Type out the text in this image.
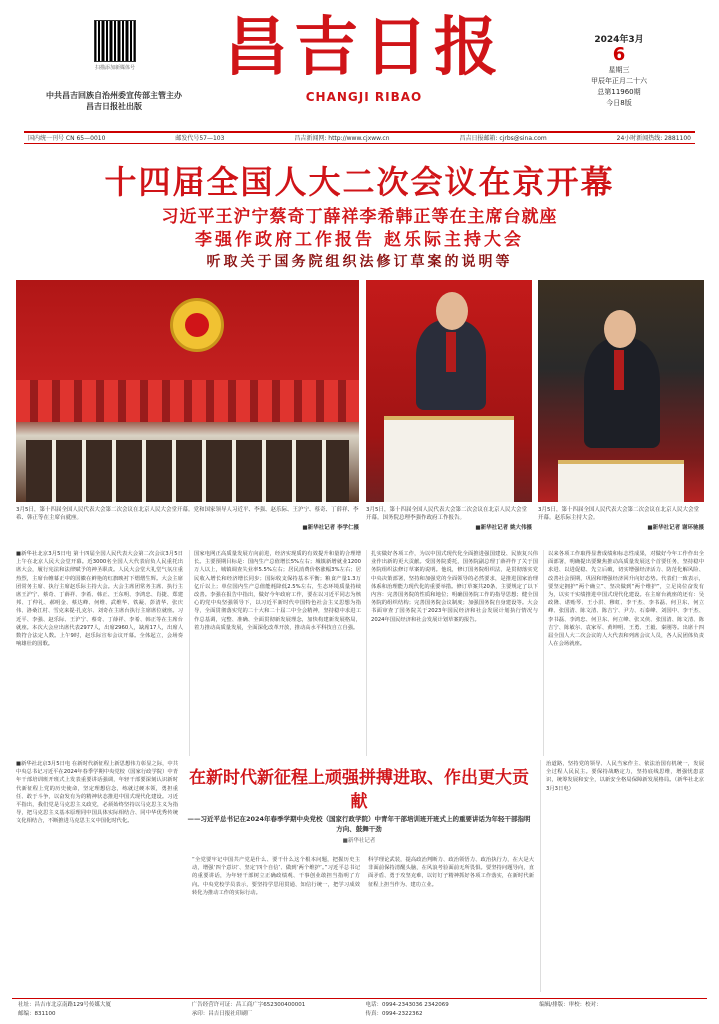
扫描添加新媒体号
中共昌吉回族自治州委宣传部主管主办
昌吉日报社出版
昌吉日报
CHANGJI RIBAO
2024年3月
6
星期三
甲辰年正月二十六
总第11960期
今日8版
国内统一刊号 CN 65—0010	邮发代号57—103	昌吉新闻网: http://www.cjxww.cn	昌吉日报邮箱: cjrbs@sina.com	24小时新闻热线: 2881100
十四届全国人大二次会议在京开幕
习近平王沪宁蔡奇丁薛祥李希韩正等在主席台就座
李强作政府工作报告 赵乐际主持大会
听取关于国务院组织法修订草案的说明等
3月5日，第十四届全国人民代表大会第二次会议在北京人民大会堂开幕。党和国家领导人习近平、李强、赵乐际、王沪宁、蔡奇、丁薛祥、李希、韩正等在主席台就座。
■新华社记者 李学仁摄
3月5日，第十四届全国人民代表大会第二次会议在北京人民大会堂开幕。国务院总理李强作政府工作报告。
■新华社记者 姚大伟摄
3月5日，第十四届全国人民代表大会第二次会议在北京人民大会堂开幕。赵乐际主持大会。
■新华社记者 谢环驰摄
■新华社北京3月5日电 第十四届全国人民代表大会第二次会议3月5日上午在北京人民大会堂开幕。近3000名全国人大代表肩负人民重托出席大会，履行宪法和法律赋予的神圣职责。人民大会堂大礼堂气氛庄重热烈，主席台帷幕正中的国徽在鲜艳的红旗映衬下熠熠生辉。大会主席团常务主席、执行主席赵乐际主持大会。大会主席团常务主席、执行主席王沪宁、蔡奇、丁薛祥、李希、韩正、王东明、李鸿忠、肖捷、郑建邦、丁仲礼、郝明金、蔡达峰、何维、武维华、铁凝、彭清华、张庆伟、洛桑江村、雪克来提·扎克尔、刘奇在主席台执行主席席位就座。习近平、李强、赵乐际、王沪宁、蔡奇、丁薛祥、李希、韩正等在主席台就座。本次大会应出席代表2977人，出席2960人，缺席17人，出席人数符合法定人数。上午9时，赵乐际宣布会议开幕。全体起立，会场奏响雄壮的国歌。
国家电网正高质量发展方向前进，经济实现质的有效提升和量的合理增长。主要预期目标是：国内生产总值增长5%左右；城镇新增就业1200万人以上，城镇调查失业率5.5%左右；居民消费价格涨幅3%左右；居民收入增长和经济增长同步；国际收支保持基本平衡；粮食产量1.3万亿斤以上；单位国内生产总值能耗降低2.5%左右，生态环境质量持续改善。李强在报告中指出，做好今年政府工作，要在以习近平同志为核心的党中央坚强领导下，以习近平新时代中国特色社会主义思想为指导，全面贯彻落实党的二十大和二十届二中全会精神，坚持稳中求进工作总基调，完整、准确、全面贯彻新发展理念，加快构建新发展格局，着力推动高质量发展，全面深化改革开放，推动高水平科技自立自强。
扎实做好各项工作，为以中国式现代化全面推进强国建设、民族复兴伟业作出新的更大贡献。受国务院委托，国务院副总理丁薛祥作了关于国务院组织法修订草案的说明。他说，修订国务院组织法，是贯彻落实党中央决策部署，坚持和加强党的全面领导的必然要求，是推进国家治理体系和治理能力现代化的重要举措。修订草案共20条，主要规定了以下内容：完善国务院的性质和地位；明确国务院工作的指导思想；健全国务院的组织结构；完善国务院会议制度；加强国务院自身建设等。大会书面审查了国务院关于2023年国民经济和社会发展计划执行情况与2024年国民经济和社会发展计划草案的报告。
以来各项工作取得显著成绩和标志性成果，对做好今年工作作出全面部署，明确提出要聚焦推动高质量发展这个首要任务，坚持稳中求进、以进促稳、先立后破，切实增强经济活力、防范化解风险、改善社会预期，巩固和增强经济回升向好态势。代表们一致表示，要坚定拥护“两个确立”、坚决做到“两个维护”，立足岗位奋发有为，以实干实绩推进中国式现代化建设。在主席台就座的还有：吴政隆、谌贻琴、王小洪、穆虹、李干杰、李书磊、何卫东、何立峰、张国清、陈文清、陈吉宁、尹力、石泰峰、刘国中、李干杰、李书磊、李鸿忠、何卫东、何立峰、张又侠、张国清、陈文清、陈吉宁、陈敏尔、袁家军、黄坤明、王勇、王毅、秦刚等。出席十四届全国人大二次会议的人大代表和列席会议人员，各人民团体负责人在会场就座。
■新华社北京3月5日电 在新时代新征程上新思想伟力彰显之际，中共中央总书记习近平在2024年春季学期中央党校（国家行政学院）中青年干部培训班开班式上发表重要讲话强调，年轻干部要深刻认识新时代新征程上党的历史使命，坚定理想信念，练就过硬本领，勇担重任、敢于斗争，以奋发有为的精神状态推进中国式现代化建设。习近平指出，我们党是马克思主义政党，必须始终坚持以马克思主义为指导，把马克思主义基本原理同中国具体实际相结合、同中华优秀传统文化相结合，不断推进马克思主义中国化时代化。
在新时代新征程上顽强拼搏进取、作出更大贡献
——习近平总书记在2024年春季学期中央党校（国家行政学院）中青年干部培训班开班式上的重要讲话为年轻干部指明方向、鼓舞干劲
■新华社记者
“全党要牢记中国共产党是什么、要干什么这个根本问题，把握历史主动，增强‘四个意识’、坚定‘四个自信’、做到‘两个维护’。”习近平总书记的重要讲话，为年轻干部树立正确政绩观、干事创业敢担当指明了方向。中央党校学员表示，要坚持学思用贯通、知信行统一，把学习成效转化为推动工作的实际行动。
科学理论武装，提高政治判断力、政治领悟力、政治执行力，在大是大非面前保持清醒头脑，在风浪考验面前无所畏惧。要坚持问题导向，直面矛盾、勇于攻坚克难，以钉钉子精神抓好各项工作落实，在新时代新征程上担当作为、建功立业。
治道路，坚持党的领导、人民当家作主、依法治国有机统一，发展全过程人民民主。要保持战略定力，坚持底线思维，增强忧患意识，统筹发展和安全，以新安全格局保障新发展格局。（新华社北京3月3日电）
社址：昌吉市北京南路129号传媒大厦
邮编：831100
广告经营许可证：昌工商广字652300400001
承印：昌吉日报社印刷厂
电话：0994-2343036 2342069
传真：0994-2322362
编辑/排版：审校：校对：
